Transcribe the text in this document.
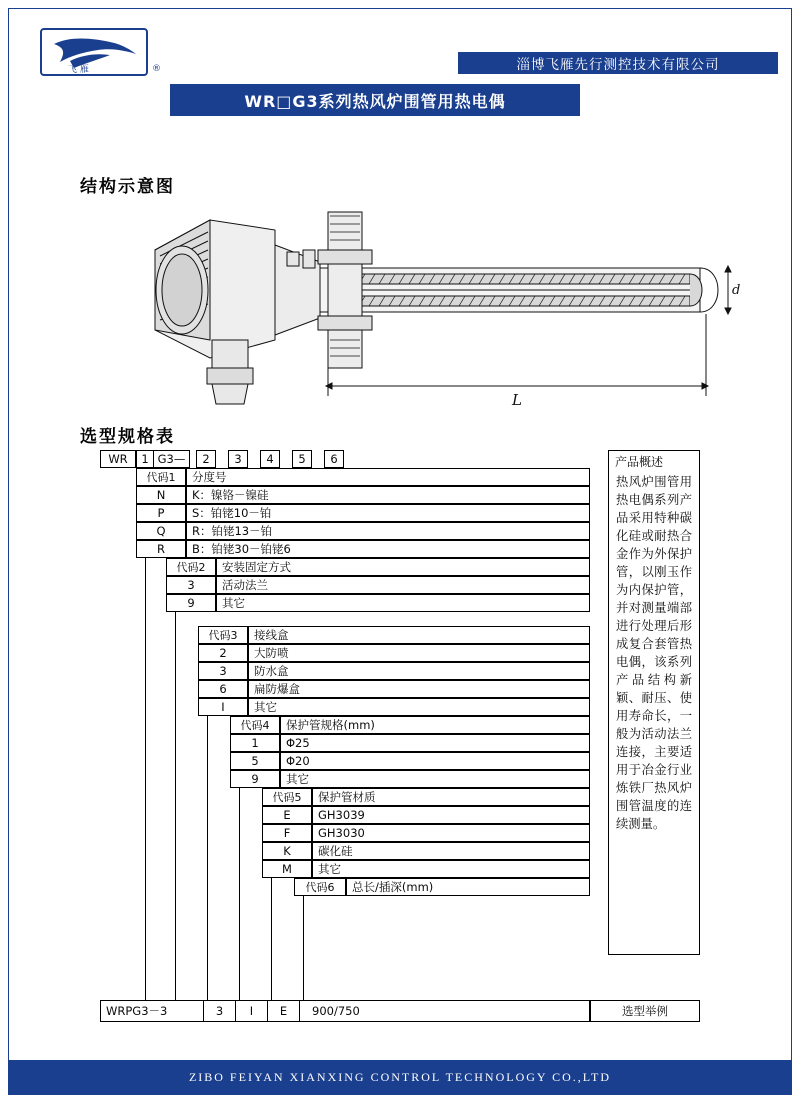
飞 雁	®	淄博飞雁先行测控技术有限公司
WR□G3系列热风炉围管用热电偶
结构示意图
d
L
选型规格表
WR	1 G3—	2	3	4	5	6
代码1	分度号
N	K：镍铬－镍硅
P	S：铂铑10－铂
Q	R：铂铑13－铂
R	B：铂铑30－铂铑6
代码2	安装固定方式
3	活动法兰
9	其它
代码3	接线盒
2	大防喷
3	防水盒
6	扁防爆盒
I	其它
代码4	保护管规格(mm)
1	Φ25
5	Φ20
9	其它
代码5	保护管材质
E	GH3039
F	GH3030
K	碳化硅
M	其它
代码6	总长/插深(mm)
WRPG3－3	3	I	E	900/750	选型举例
产品概述
热风炉围管用热电偶系列产品采用特种碳化硅或耐热合金作为外保护管，以刚玉作为内保护管，并对测量端部进行处理后形成复合套管热电偶，该系列产品结构新颖、耐压、使用寿命长，一般为活动法兰连接，主要适用于冶金行业炼铁厂热风炉围管温度的连续测量。
ZIBO FEIYAN XIANXING CONTROL TECHNOLOGY CO.,LTD
